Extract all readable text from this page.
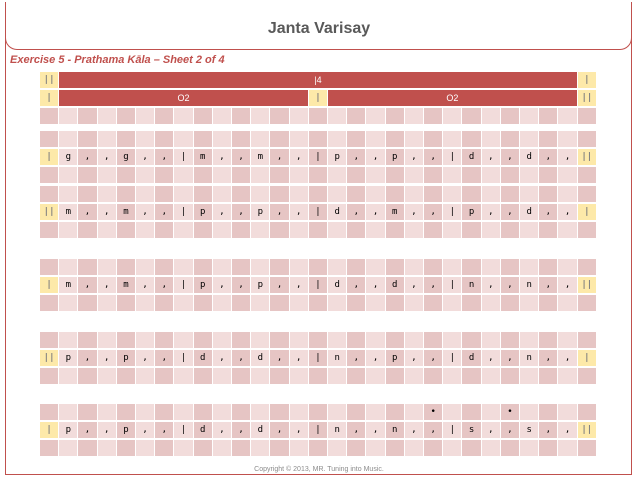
Janta Varisay
Exercise 5 - Prathama Kāla – Sheet 2 of 4
||	|4	|
|	O2	|	O2	||
|	g	,	,	g	,	,	|	m	,	,	m	,	,	|	p	,	,	p	,	,	|	d	,	,	d	,	,	||
||	m	,	,	m	,	,	|	p	,	,	p	,	,	|	d	,	,	m	,	,	|	p	,	,	d	,	,	|
|	m	,	,	m	,	,	|	p	,	,	p	,	,	|	d	,	,	d	,	,	|	n	,	,	n	,	,	||
||	p	,	,	p	,	,	|	d	,	,	d	,	,	|	n	,	,	p	,	,	|	d	,	,	n	,	,	|
•	•
|	p	,	,	p	,	,	|	d	,	,	d	,	,	|	n	,	,	n	,	,	|	s	,	,	s	,	,	||
Copyright © 2013, MR. Tuning into Music.
